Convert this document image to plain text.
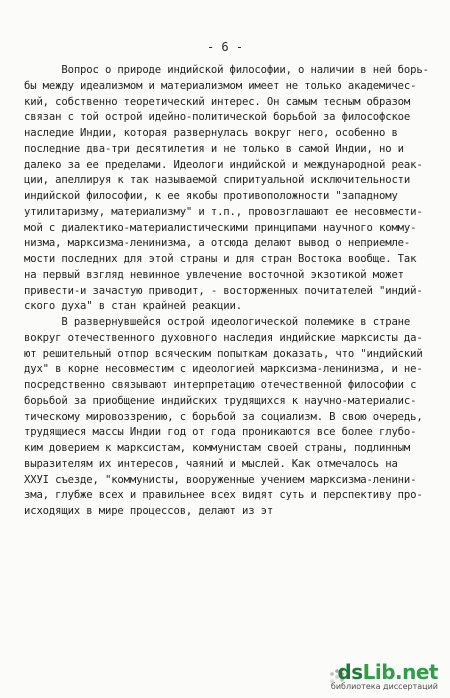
- 6 -
Вопрос о природе индийской философии, о наличии в ней борь-
бы между идеализмом и материализмом имеет не только академичес-
кий, собственно теоретический интерес. Он самым тесным образом
связан с той острой идейно-политической борьбой за философское
наследие Индии, которая развернулась вокруг него, особенно в
последние два-три десятилетия и не только в самой Индии, но и
далеко за ее пределами. Идеологи индийской и международной реак-
ции, апеллируя к так называемой спиритуальной исключительности
индийской философии, к ее якобы противоположности "западному
утилитаризму, материализму" и т.п., провозглашают ее несовмести-
мой с диалектико-материалистическими принципами научного комму-
низма, марксизма-ленинизма, а отсюда делают вывод о неприемле-
мости последних для этой страны и для стран Востока вообще. Так
на первый взгляд невинное увлечение восточной экзотикой может
привести-и зачастую приводит, - восторженных почитателей "индий-
ского духа" в стан крайней реакции.
В развернувшейся острой идеологической полемике в стране
вокруг отечественного духовного наследия индийские марксисты да-
ют решительный отпор всяческим попыткам доказать, что "индийский
дух" в корне несовместим с идеологией марксизма-ленинизма, и не-
посредственно связывают интерпретацию отечественной философии с
борьбой за приобщение индийских трудящихся к научно-материалис-
тическому мировоззрению, с борьбой за социализм. В свою очередь,
трудящиеся массы Индии год от года проникаются все более глубо-
ким доверием к марксистам, коммунистам своей страны, подлинным
выразителям их интересов, чаяний и мыслей. Как отмечалось на
ХХУI съезде, "коммунисты, вооруженные учением марксизма-ленини-
зма, глубже всех и правильнее всех видят суть и перспективу про-
исходящих в мире процессов, делают из эт
dsLib.net
библиотека диссертаций
